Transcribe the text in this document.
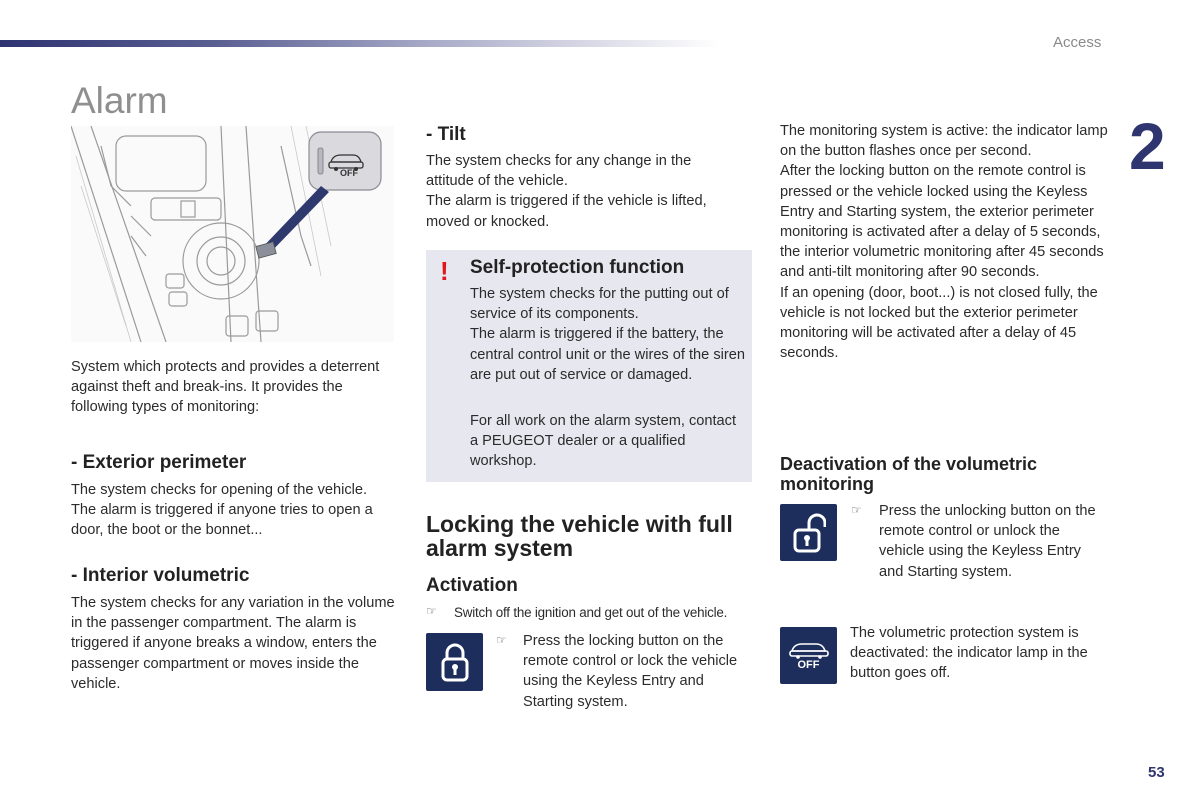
Access
Alarm
2
OFF
System which protects and provides a deterrent against theft and break-ins. It provides the following types of monitoring:
- Exterior perimeter
The system checks for opening of the vehicle. The alarm is triggered if anyone tries to open a door, the boot or the bonnet...
- Interior volumetric
The system checks for any variation in the volume in the passenger compartment. The alarm is triggered if anyone breaks a window, enters the passenger compartment or moves inside the vehicle.
- Tilt

The system checks for any change in the attitude of the vehicle.

The alarm is triggered if the vehicle is lifted, moved or knocked.

! Self-protection function

The system checks for the putting out of service of its components.

The alarm is triggered if the battery, the central control unit or the wires of the siren are put out of service or damaged.

For all work on the alarm system, contact a PEUGEOT dealer or a qualified workshop.

Locking the vehicle with full alarm system
Activation
☞ Switch off the ignition and get out of the vehicle.
☞ Press the locking button on the remote control or lock the vehicle using the Keyless Entry and Starting system.

The monitoring system is active: the indicator lamp on the button flashes once per second.

After the locking button on the remote control is pressed or the vehicle locked using the Keyless Entry and Starting system, the exterior perimeter monitoring is activated after a delay of 5 seconds, the interior volumetric monitoring after 45 seconds and anti-tilt monitoring after 90 seconds.

If an opening (door, boot...) is not closed fully, the vehicle is not locked but the exterior perimeter monitoring will be activated after a delay of 45 seconds.

Deactivation of the volumetric monitoring
☞ Press the unlocking button on the remote control or unlock the vehicle using the Keyless Entry and Starting system.
OFF
The volumetric protection system is deactivated: the indicator lamp in the button goes off.
53
